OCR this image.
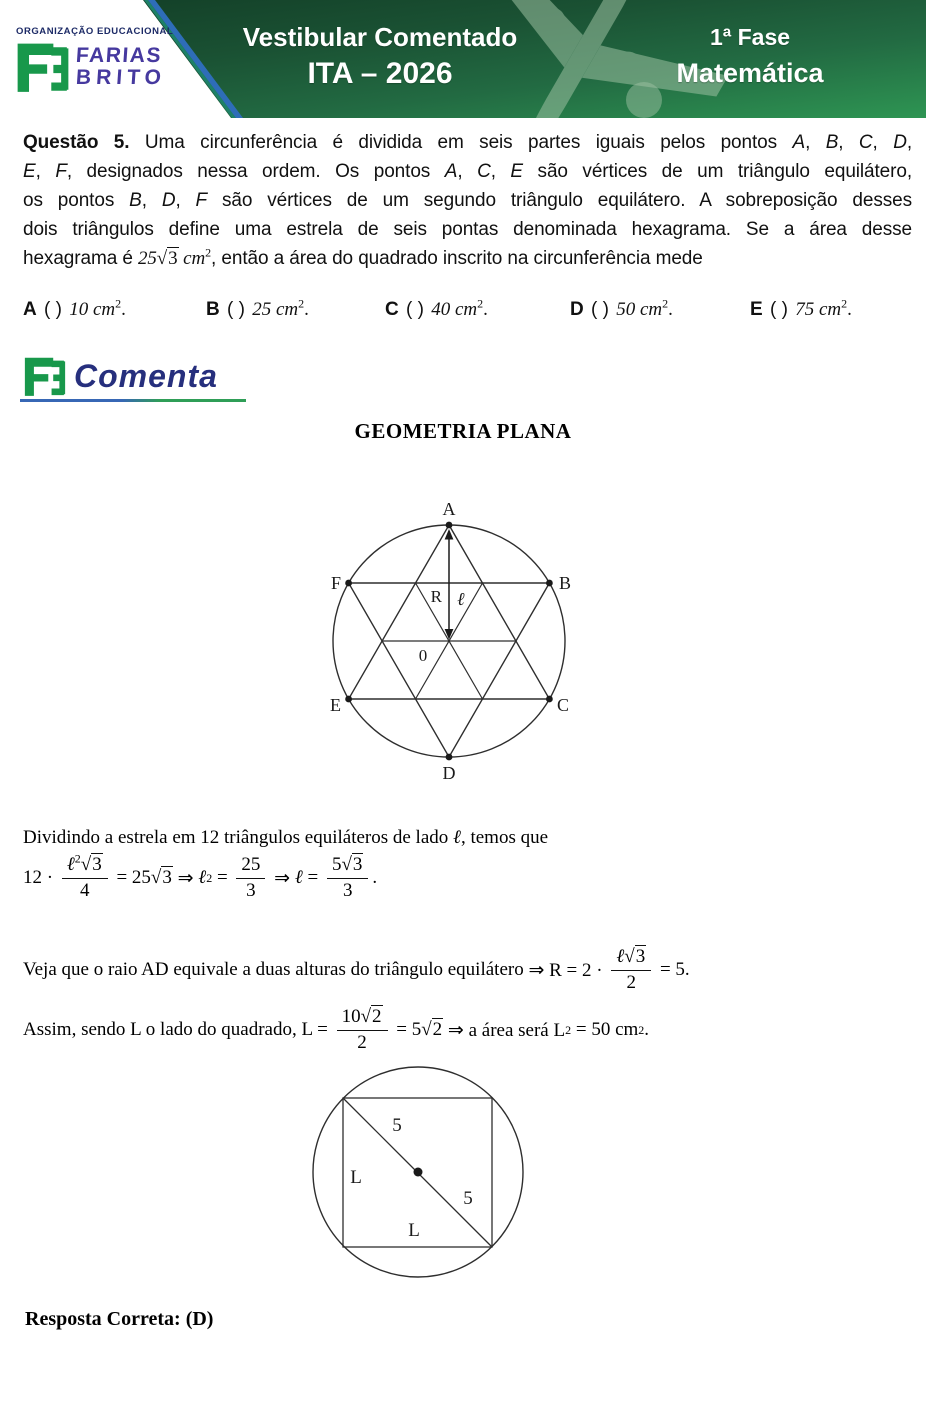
ORGANIZAÇÃO EDUCACIONAL
FARIAS
BRITO
Vestibular Comentado
ITA – 2026
1ª Fase
Matemática
Questão 5. Uma circunferência é dividida em seis partes iguais pelos pontos A, B, C, D,
E, F, designados nessa ordem. Os pontos A, C, E são vértices de um triângulo equilátero,
os pontos B, D, F são vértices de um segundo triângulo equilátero. A sobreposição desses
dois triângulos define uma estrela de seis pontas denominada hexagrama. Se a área desse
hexagrama é 25√3 $cm^2$, então a área do quadrado inscrito na circunferência mede
A ( ) 10 $cm^2$.	B ( ) 25 $cm^2$.	C ( ) 40 $cm^2$.	D ( ) 50 $cm^2$.	E ( ) 75 $cm^2$.
Comenta
GEOMETRIA PLANA
A
B
C
D
E
F
R ℓ
0
Dividindo a estrela em 12 triângulos equiláteros de lado ℓ, temos que
$12 \cdot \frac{\ell^2√3}{4} = 25$ √3 ⇒ ℓ $2 = \frac{25}{3}$ ⇒ ℓ = $\frac{5√3}{3}$ .
Veja que o raio AD equivale a duas alturas do triângulo equilátero ⇒ $R = 2 \cdot \frac{\text{ℓ√3}}{2} = 5$.
Assim, sendo L o lado do quadrado, $L = \frac{10√2}{2} = 5$ √2 ⇒ a área será L 2 = 50 cm 2 .
5
5
L
L
Resposta Correta: (D)
